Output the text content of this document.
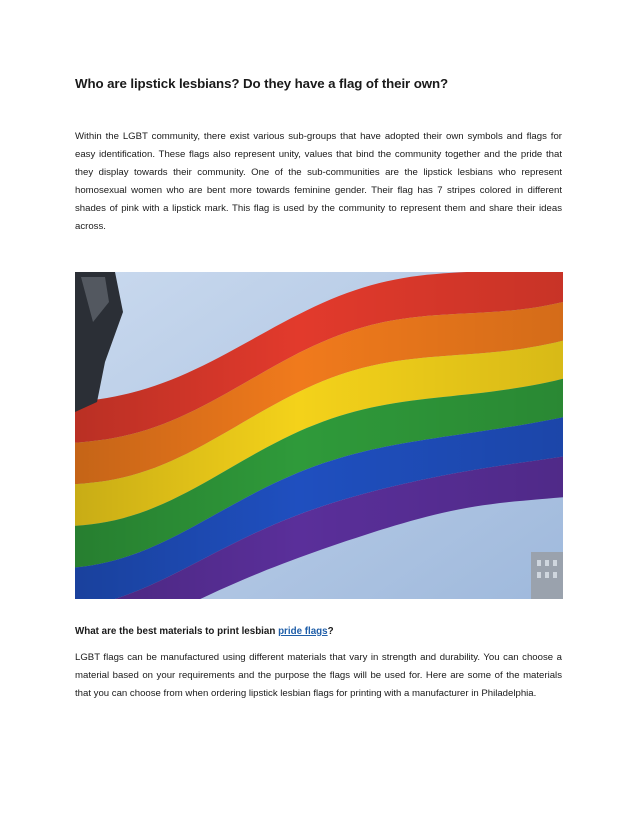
Who are lipstick lesbians? Do they have a flag of their own?

Within the LGBT community, there exist various sub-groups that have adopted their own symbols and flags for easy identification. These flags also represent unity, values that bind the community together and the pride that they display towards their community. One of the sub-communities are the lipstick lesbians who represent homosexual women who are bent more towards feminine gender. Their flag has 7 stripes colored in different shades of pink with a lipstick mark. This flag is used by the community to represent them and share their ideas across.

What are the best materials to print lesbian pride flags?

LGBT flags can be manufactured using different materials that vary in strength and durability. You can choose a material based on your requirements and the purpose the flags will be used for. Here are some of the materials that you can choose from when ordering lipstick lesbian flags for printing with a manufacturer in Philadelphia.
